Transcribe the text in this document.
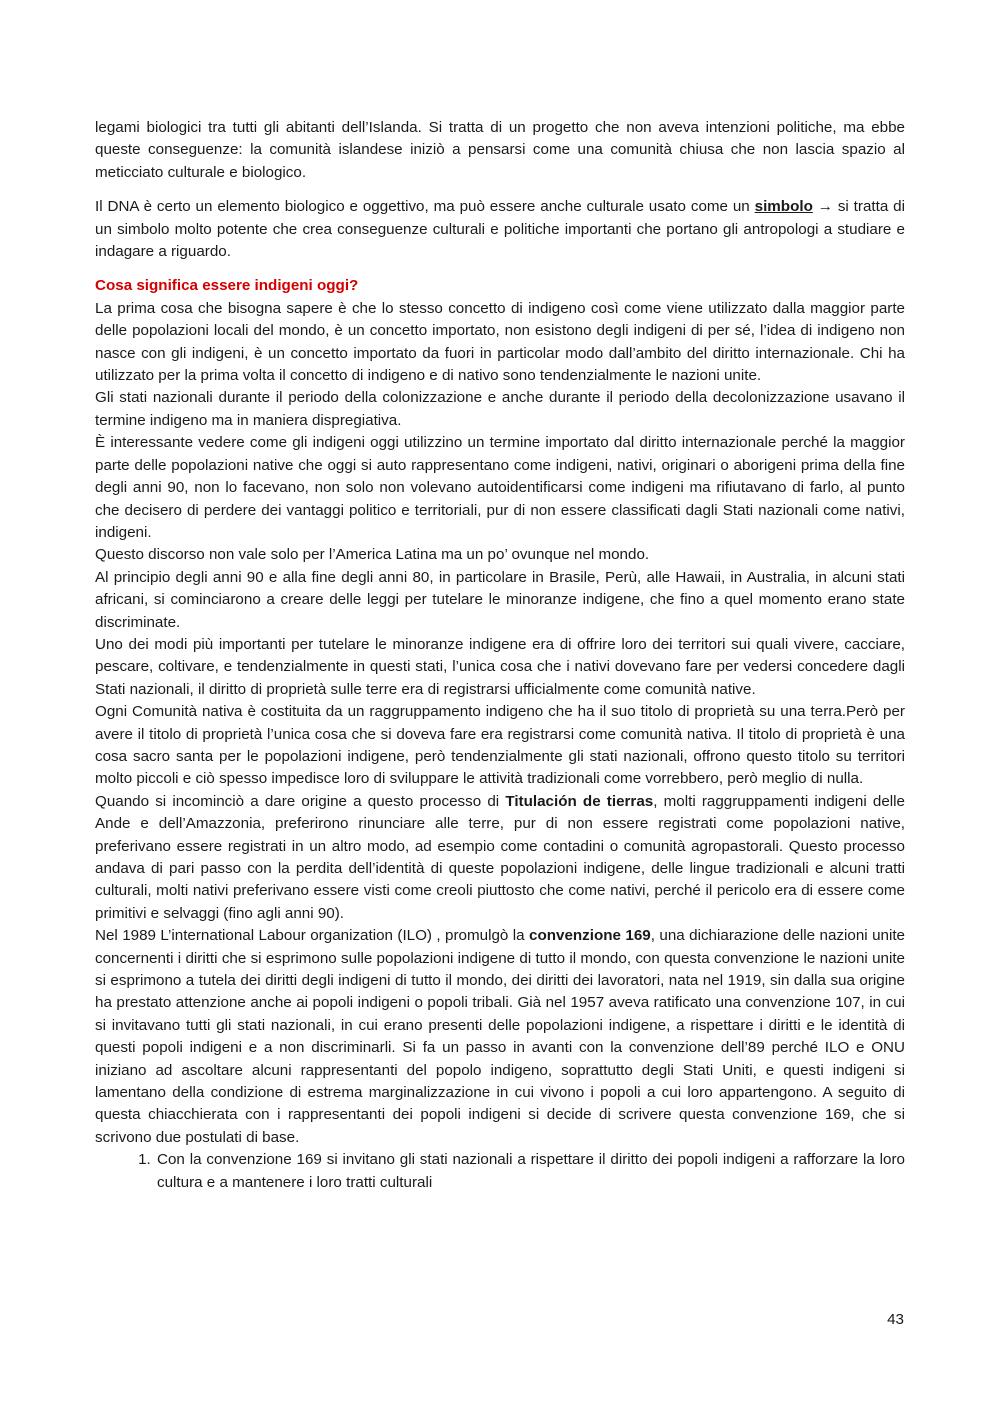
legami biologici tra tutti gli abitanti dell’Islanda. Si tratta di un progetto che non aveva intenzioni politiche, ma ebbe queste conseguenze: la comunità islandese iniziò a pensarsi come una comunità chiusa che non lascia spazio al meticciato culturale e biologico.

Il DNA è certo un elemento biologico e oggettivo, ma può essere anche culturale usato come un simbolo → si tratta di un simbolo molto potente che crea conseguenze culturali e politiche importanti che portano gli antropologi a studiare e indagare a riguardo.

Cosa significa essere indigeni oggi?

La prima cosa che bisogna sapere è che lo stesso concetto di indigeno così come viene utilizzato dalla maggior parte delle popolazioni locali del mondo, è un concetto importato, non esistono degli indigeni di per sé, l’idea di indigeno non nasce con gli indigeni, è un concetto importato da fuori in particolar modo dall’ambito del diritto internazionale. Chi ha utilizzato per la prima volta il concetto di indigeno e di nativo sono tendenzialmente le nazioni unite.

Gli stati nazionali durante il periodo della colonizzazione e anche durante il periodo della decolonizzazione usavano il termine indigeno ma in maniera dispregiativa.

È interessante vedere come gli indigeni oggi utilizzino un termine importato dal diritto internazionale perché la maggior parte delle popolazioni native che oggi si auto rappresentano come indigeni, nativi, originari o aborigeni prima della fine degli anni 90, non lo facevano, non solo non volevano autoidentificarsi come indigeni ma rifiutavano di farlo, al punto che decisero di perdere dei vantaggi politico e territoriali, pur di non essere classificati dagli Stati nazionali come nativi, indigeni.

Questo discorso non vale solo per l’America Latina ma un po’ ovunque nel mondo.

Al principio degli anni 90 e alla fine degli anni 80, in particolare in Brasile, Perù, alle Hawaii, in Australia, in alcuni stati africani, si cominciarono a creare delle leggi per tutelare le minoranze indigene, che fino a quel momento erano state discriminate.

Uno dei modi più importanti per tutelare le minoranze indigene era di offrire loro dei territori sui quali vivere, cacciare, pescare, coltivare, e tendenzialmente in questi stati, l’unica cosa che i nativi dovevano fare per vedersi concedere dagli Stati nazionali, il diritto di proprietà sulle terre era di registrarsi ufficialmente come comunità native.

Ogni Comunità nativa è costituita da un raggruppamento indigeno che ha il suo titolo di proprietà su una terra.Però per avere il titolo di proprietà l’unica cosa che si doveva fare era registrarsi come comunità nativa. Il titolo di proprietà è una cosa sacro santa per le popolazioni indigene, però tendenzialmente gli stati nazionali, offrono questo titolo su territori molto piccoli e ciò spesso impedisce loro di sviluppare le attività tradizionali come vorrebbero, però meglio di nulla.

Quando si incominciò a dare origine a questo processo di Titulación de tierras, molti raggruppamenti indigeni delle Ande e dell’Amazzonia, preferirono rinunciare alle terre, pur di non essere registrati come popolazioni native, preferivano essere registrati in un altro modo, ad esempio come contadini o comunità agropastorali. Questo processo andava di pari passo con la perdita dell’identità di queste popolazioni indigene, delle lingue tradizionali e alcuni tratti culturali, molti nativi preferivano essere visti come creoli piuttosto che come nativi, perché il pericolo era di essere come primitivi e selvaggi (fino agli anni 90).

Nel 1989 L’international Labour organization (ILO) , promulgò la convenzione 169, una dichiarazione delle nazioni unite concernenti i diritti che si esprimono sulle popolazioni indigene di tutto il mondo, con questa convenzione le nazioni unite si esprimono a tutela dei diritti degli indigeni di tutto il mondo, dei diritti dei lavoratori, nata nel 1919, sin dalla sua origine ha prestato attenzione anche ai popoli indigeni o popoli tribali. Già nel 1957 aveva ratificato una convenzione 107, in cui si invitavano tutti gli stati nazionali, in cui erano presenti delle popolazioni indigene, a rispettare i diritti e le identità di questi popoli indigeni e a non discriminarli. Si fa un passo in avanti con la convenzione dell’89 perché ILO e ONU iniziano ad ascoltare alcuni rappresentanti del popolo indigeno, soprattutto degli Stati Uniti, e questi indigeni si lamentano della condizione di estrema marginalizzazione in cui vivono i popoli a cui loro appartengono. A seguito di questa chiacchierata con i rappresentanti dei popoli indigeni si decide di scrivere questa convenzione 169, che si scrivono due postulati di base.

1. Con la convenzione 169 si invitano gli stati nazionali a rispettare il diritto dei popoli indigeni a rafforzare la loro cultura e a mantenere i loro tratti culturali
43
